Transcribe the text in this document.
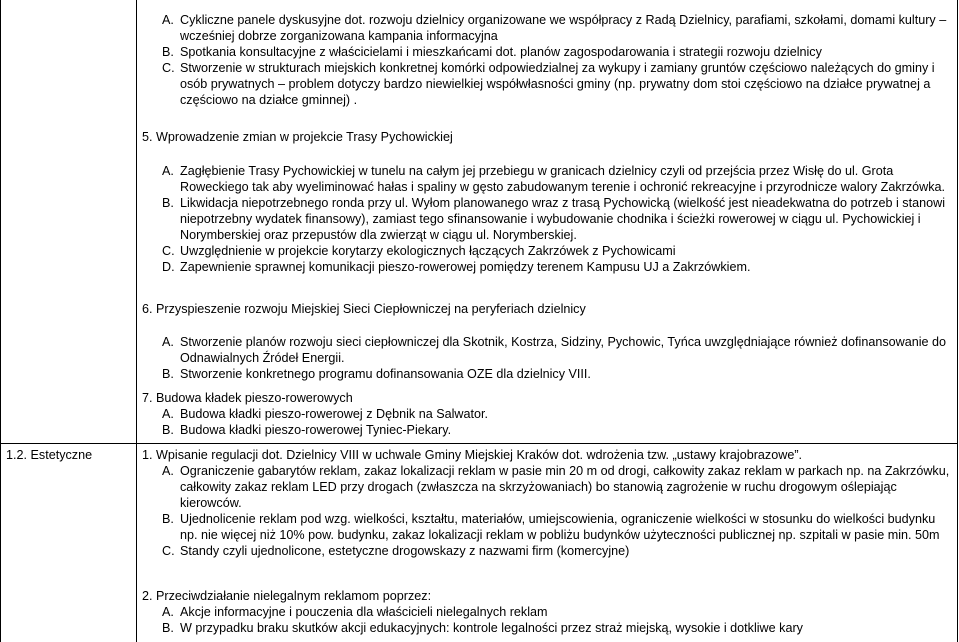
A. Cykliczne panele dyskusyjne dot. rozwoju dzielnicy organizowane we współpracy z Radą Dzielnicy, parafiami, szkołami, domami kultury – wcześniej dobrze zorganizowana kampania informacyjna
B. Spotkania konsultacyjne z właścicielami i mieszkańcami dot. planów zagospodarowania i strategii rozwoju dzielnicy
C. Stworzenie w strukturach miejskich konkretnej komórki odpowiedzialnej za wykupy i zamiany gruntów częściowo należących do gminy i osób prywatnych – problem dotyczy bardzo niewielkiej współwłasności gminy (np. prywatny dom stoi częściowo na działce prywatnej a częściowo na działce gminnej) .
5. Wprowadzenie zmian w projekcie Trasy Pychowickiej
A. Zagłębienie Trasy Pychowickiej w tunelu na całym jej przebiegu w granicach dzielnicy czyli od przejścia przez Wisłę do ul. Grota Roweckiego tak aby wyeliminować hałas i spaliny w gęsto zabudowanym terenie i ochronić rekreacyjne i przyrodnicze walory Zakrzówka.
B. Likwidacja niepotrzebnego ronda przy ul. Wyłom planowanego wraz z trasą Pychowicką (wielkość jest nieadekwatna do potrzeb i stanowi niepotrzebny wydatek finansowy), zamiast tego sfinansowanie i wybudowanie chodnika i ścieżki rowerowej w ciągu ul. Pychowickiej i Norymberskiej oraz przepustów dla zwierząt w ciągu ul. Norymberskiej.
C. Uwzględnienie w projekcie korytarzy ekologicznych łączących Zakrzówek z Pychowicami
D. Zapewnienie sprawnej komunikacji pieszo-rowerowej pomiędzy terenem Kampusu UJ a Zakrzówkiem.
6. Przyspieszenie rozwoju Miejskiej Sieci Ciepłowniczej na peryferiach dzielnicy
A. Stworzenie planów rozwoju sieci ciepłowniczej dla Skotnik, Kostrza, Sidziny, Pychowic, Tyńca uwzględniające również dofinansowanie do Odnawialnych Źródeł Energii.
B. Stworzenie konkretnego programu dofinansowania OZE dla dzielnicy VIII.
7. Budowa kładek pieszo-rowerowych
A. Budowa kładki pieszo-rowerowej z Dębnik na Salwator.
B. Budowa kładki pieszo-rowerowej Tyniec-Piekary.
1.2. Estetyczne	1. Wpisanie regulacji dot. Dzielnicy VIII w uchwale Gminy Miejskiej Kraków dot. wdrożenia tzw. „ustawy krajobrazowe”.
A. Ograniczenie gabarytów reklam, zakaz lokalizacji reklam w pasie min 20 m od drogi, całkowity zakaz reklam w parkach np. na Zakrzówku, całkowity zakaz reklam LED przy drogach (zwłaszcza na skrzyżowaniach) bo stanowią zagrożenie w ruchu drogowym oślepiając kierowców.
B. Ujednolicenie reklam pod wzg. wielkości, kształtu, materiałów, umiejscowienia, ograniczenie wielkości w stosunku do wielkości budynku np. nie więcej niż 10% pow. budynku, zakaz lokalizacji reklam w pobliżu budynków użyteczności publicznej np. szpitali w pasie min. 50m
C. Standy czyli ujednolicone, estetyczne drogowskazy z nazwami firm (komercyjne)
2. Przeciwdziałanie nielegalnym reklamom poprzez:
A. Akcje informacyjne i pouczenia dla właścicieli nielegalnych reklam
B. W przypadku braku skutków akcji edukacyjnych: kontrole legalności przez straż miejską, wysokie i dotkliwe kary
